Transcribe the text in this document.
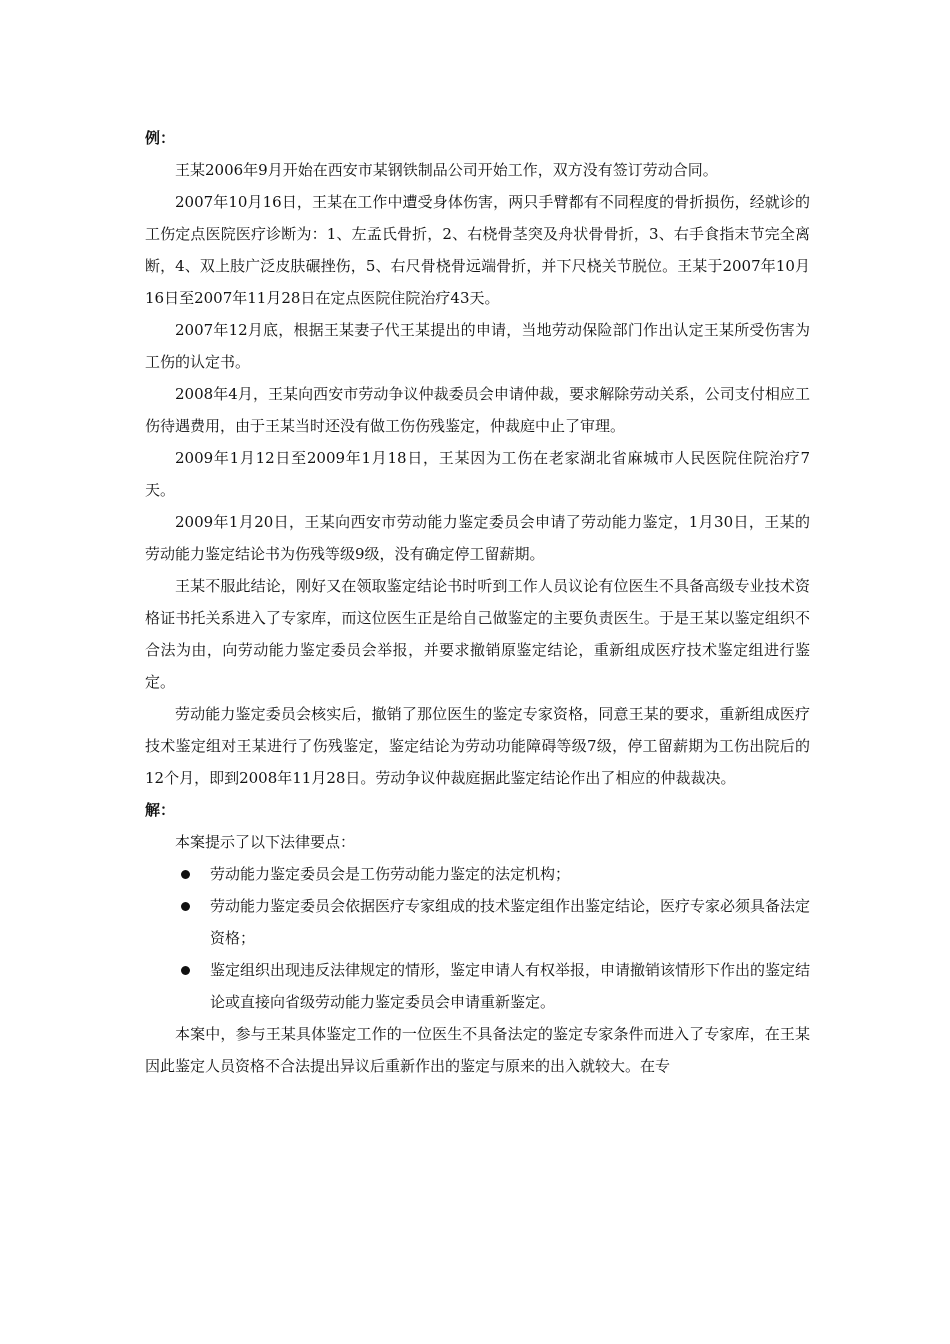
例：

王某2006年9月开始在西安市某钢铁制品公司开始工作，双方没有签订劳动合同。

2007年10月16日，王某在工作中遭受身体伤害，两只手臂都有不同程度的骨折损伤，经就诊的工伤定点医院医疗诊断为：1、左孟氏骨折，2、右桡骨茎突及舟状骨骨折，3、右手食指末节完全离断，4、双上肢广泛皮肤碾挫伤，5、右尺骨桡骨远端骨折，并下尺桡关节脱位。王某于2007年10月16日至2007年11月28日在定点医院住院治疗43天。

2007年12月底，根据王某妻子代王某提出的申请，当地劳动保险部门作出认定王某所受伤害为工伤的认定书。

2008年4月，王某向西安市劳动争议仲裁委员会申请仲裁，要求解除劳动关系，公司支付相应工伤待遇费用，由于王某当时还没有做工伤伤残鉴定，仲裁庭中止了审理。

2009年1月12日至2009年1月18日，王某因为工伤在老家湖北省麻城市人民医院住院治疗7天。

2009年1月20日，王某向西安市劳动能力鉴定委员会申请了劳动能力鉴定，1月30日，王某的劳动能力鉴定结论书为伤残等级9级，没有确定停工留薪期。

王某不服此结论，刚好又在领取鉴定结论书时听到工作人员议论有位医生不具备高级专业技术资格证书托关系进入了专家库，而这位医生正是给自己做鉴定的主要负责医生。于是王某以鉴定组织不合法为由，向劳动能力鉴定委员会举报，并要求撤销原鉴定结论，重新组成医疗技术鉴定组进行鉴定。

劳动能力鉴定委员会核实后，撤销了那位医生的鉴定专家资格，同意王某的要求，重新组成医疗技术鉴定组对王某进行了伤残鉴定，鉴定结论为劳动功能障碍等级7级，停工留薪期为工伤出院后的12个月，即到2008年11月28日。劳动争议仲裁庭据此鉴定结论作出了相应的仲裁裁决。

解：

本案提示了以下法律要点：

劳动能力鉴定委员会是工伤劳动能力鉴定的法定机构；
劳动能力鉴定委员会依据医疗专家组成的技术鉴定组作出鉴定结论，医疗专家必须具备法定资格；
鉴定组织出现违反法律规定的情形，鉴定申请人有权举报，申请撤销该情形下作出的鉴定结论或直接向省级劳动能力鉴定委员会申请重新鉴定。

本案中，参与王某具体鉴定工作的一位医生不具备法定的鉴定专家条件而进入了专家库，在王某因此鉴定人员资格不合法提出异议后重新作出的鉴定与原来的出入就较大。在专
